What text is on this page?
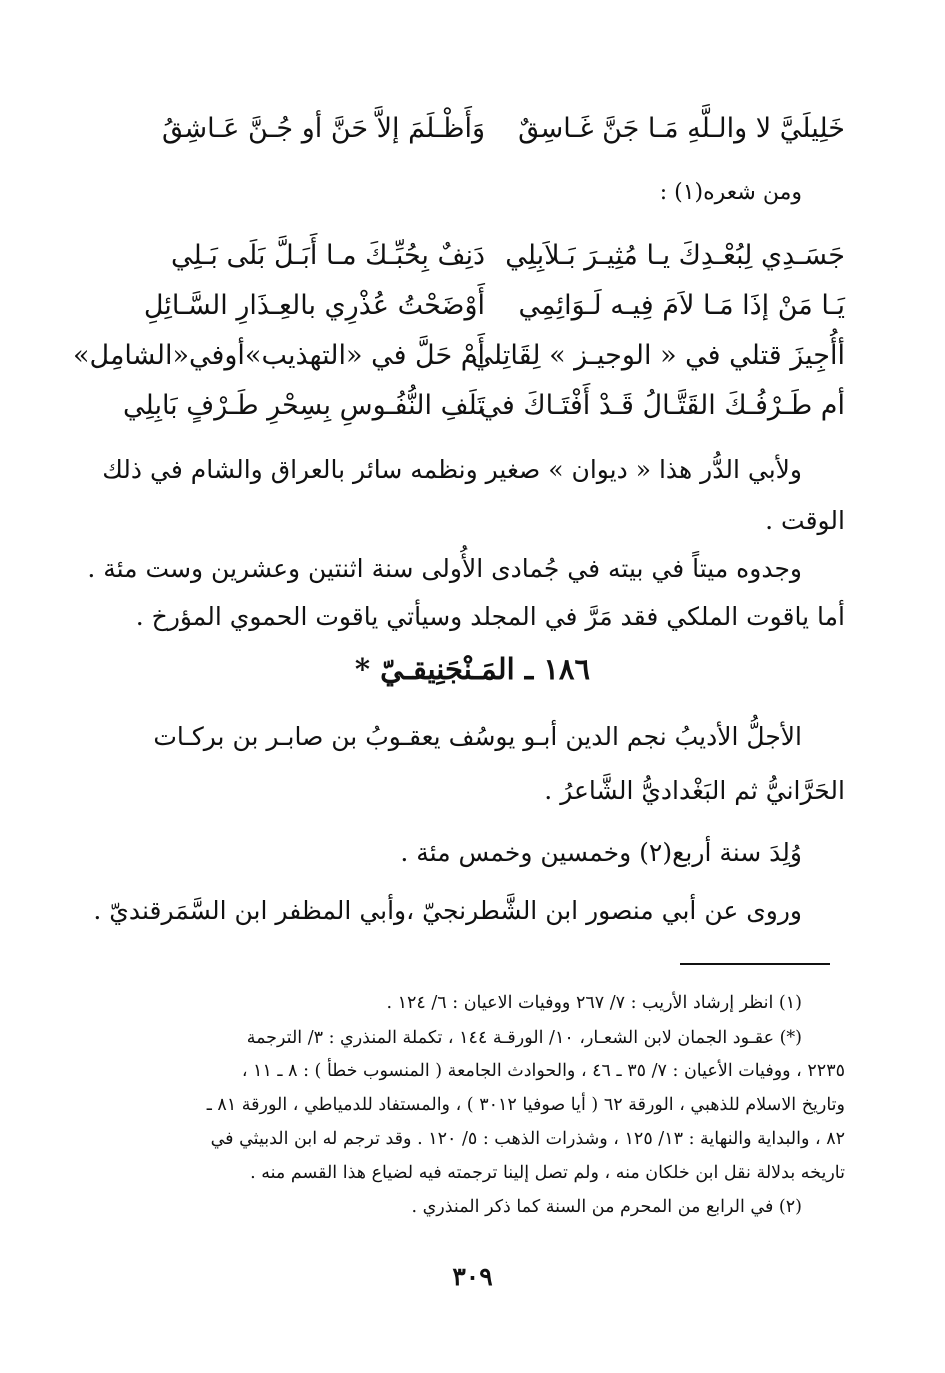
خَلِيلَيَّ لا والـلَّهِ مَـا جَنَّ غَـاسِقٌ
وَأَظْـلَمَ إلاَّ حَنَّ أو جُـنَّ عَـاشِقُ
ومن شعره(١) :
جَسَـدِي لِبُعْـدِكَ يـا مُثِيـرَ بَـلاَبِلِي
دَنِفٌ بِحُبِّـكَ مـا أَبَـلَّ بَلَى بَـلِي
يَـا مَنْ إذَا مَـا لاَمَ فِيـه لَـوَائِمِي
أَوْضَحْتُ عُذْرِي بالعِـذَارِ السَّـائِلِ
أأُجِيزَ قتلي في « الوجيـز » لِقَاتِلي
أَمْ حَلَّ في «التهذيب»أوفي«الشامِل»
أم طَـرْفُـكَ القَتَّـالُ قَـدْ أَفْتَـاكَ في
تَلَفِ النُّفُـوسِ بِسِحْرِ طَـرْفٍ بَابِلِي
ولأبي الدُّر هذا « ديوان » صغير ونظمه سائر بالعراق والشام في ذلك
الوقت .
وجدوه ميتاً في بيته في جُمادى الأُولى سنة اثنتين وعشرين وست مئة .
أما ياقوت الملكي فقد مَرَّ في المجلد وسيأتي ياقوت الحموي المؤرخ .
١٨٦ ـ المَـنْجَنِيقـيّ *
الأجلُّ الأديبُ نجم الدين أبـو يوسُف يعقـوبُ بن صابـر بن بركـات
الحَرَّانيُّ ثم البَغْداديُّ الشَّاعرُ .
وُلِدَ سنة أربع(٢) وخمسين وخمس مئة .
وروى عن أبي منصور ابن الشَّطرنجيّ ،وأبي المظفر ابن السَّمَرقنديّ .
(١) انظر إرشاد الأريب : ٧/ ٢٦٧ ووفيات الاعيان : ٦/ ١٢٤ .
(*) عقـود الجمان لابن الشعـار، ١٠/ الورقـة ١٤٤ ، تكملة المنذري : ٣/ الترجمة
٢٢٣٥ ، ووفيات الأعيان : ٧/ ٣٥ ـ ٤٦ ، والحوادث الجامعة ( المنسوب خطأ ) : ٨ ـ ١١ ،
وتاريخ الاسلام للذهبي ، الورقة ٦٢ ( أيا صوفيا ٣٠١٢ ) ، والمستفاد للدمياطي ، الورقة ٨١ ـ
٨٢ ، والبداية والنهاية : ١٣/ ١٢٥ ، وشذرات الذهب : ٥/ ١٢٠ . وقد ترجم له ابن الدبيثي في
تاريخه بدلالة نقل ابن خلكان منه ، ولم تصل إلينا ترجمته فيه لضياع هذا القسم منه .
(٢) في الرابع من المحرم من السنة كما ذكر المنذري .
٣٠٩
